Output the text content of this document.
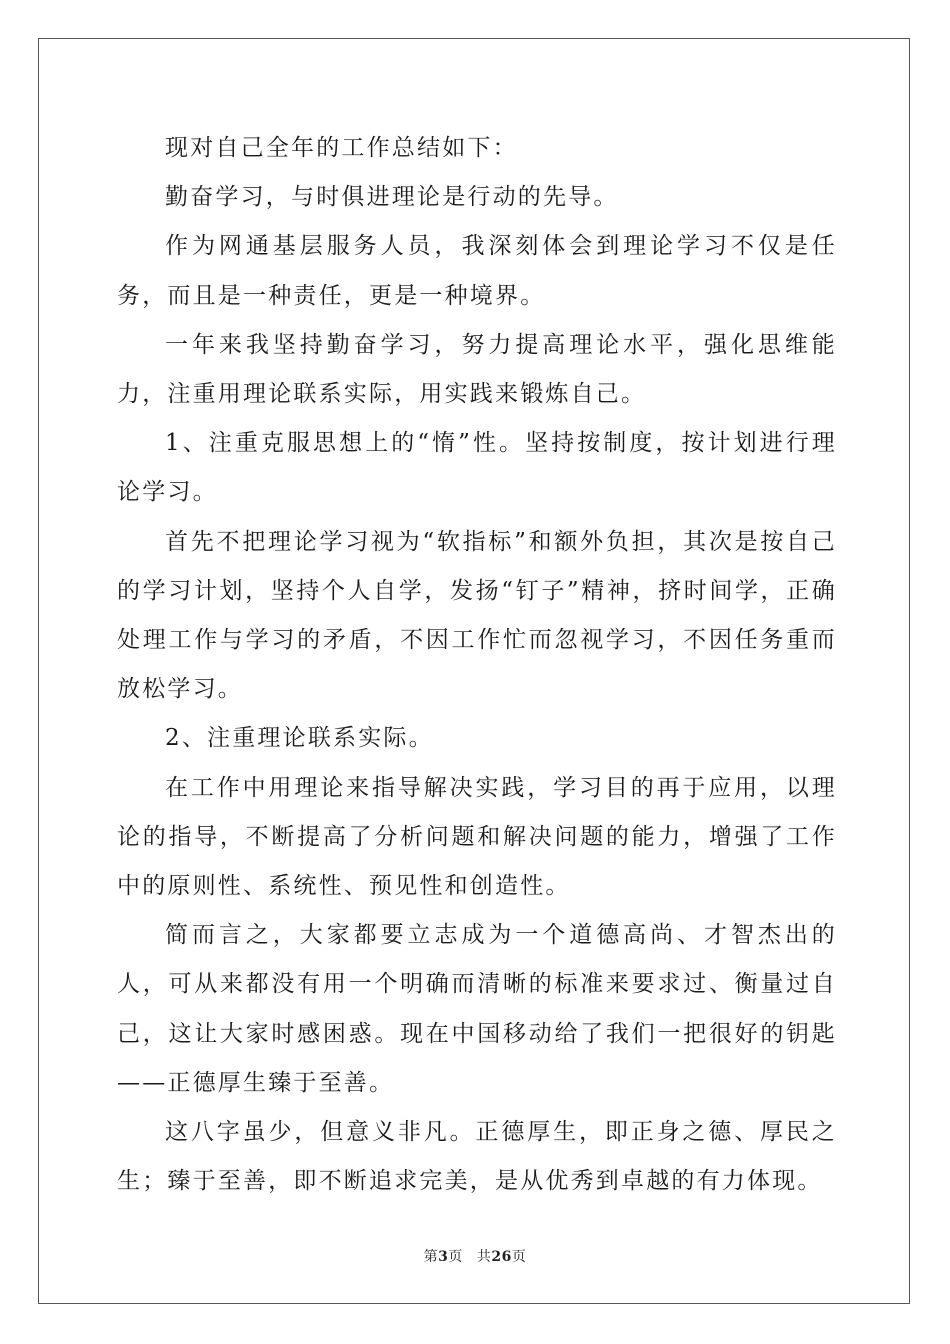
现对自己全年的工作总结如下：

勤奋学习，与时俱进理论是行动的先导。

作为网通基层服务人员，我深刻体会到理论学习不仅是任务，而且是一种责任，更是一种境界。

一年来我坚持勤奋学习，努力提高理论水平，强化思维能力，注重用理论联系实际，用实践来锻炼自己。

1、注重克服思想上的“惰”性。坚持按制度，按计划进行理论学习。

首先不把理论学习视为“软指标”和额外负担，其次是按自己的学习计划，坚持个人自学，发扬“钉子”精神，挤时间学，正确处理工作与学习的矛盾，不因工作忙而忽视学习，不因任务重而放松学习。

2、注重理论联系实际。

在工作中用理论来指导解决实践，学习目的再于应用，以理论的指导，不断提高了分析问题和解决问题的能力，增强了工作中的原则性、系统性、预见性和创造性。

简而言之，大家都要立志成为一个道德高尚、才智杰出的人，可从来都没有用一个明确而清晰的标准来要求过、衡量过自己，这让大家时感困惑。现在中国移动给了我们一把很好的钥匙——正德厚生臻于至善。

这八字虽少，但意义非凡。正德厚生，即正身之德、厚民之生；臻于至善，即不断追求完美，是从优秀到卓越的有力体现。

第3页 共26页
